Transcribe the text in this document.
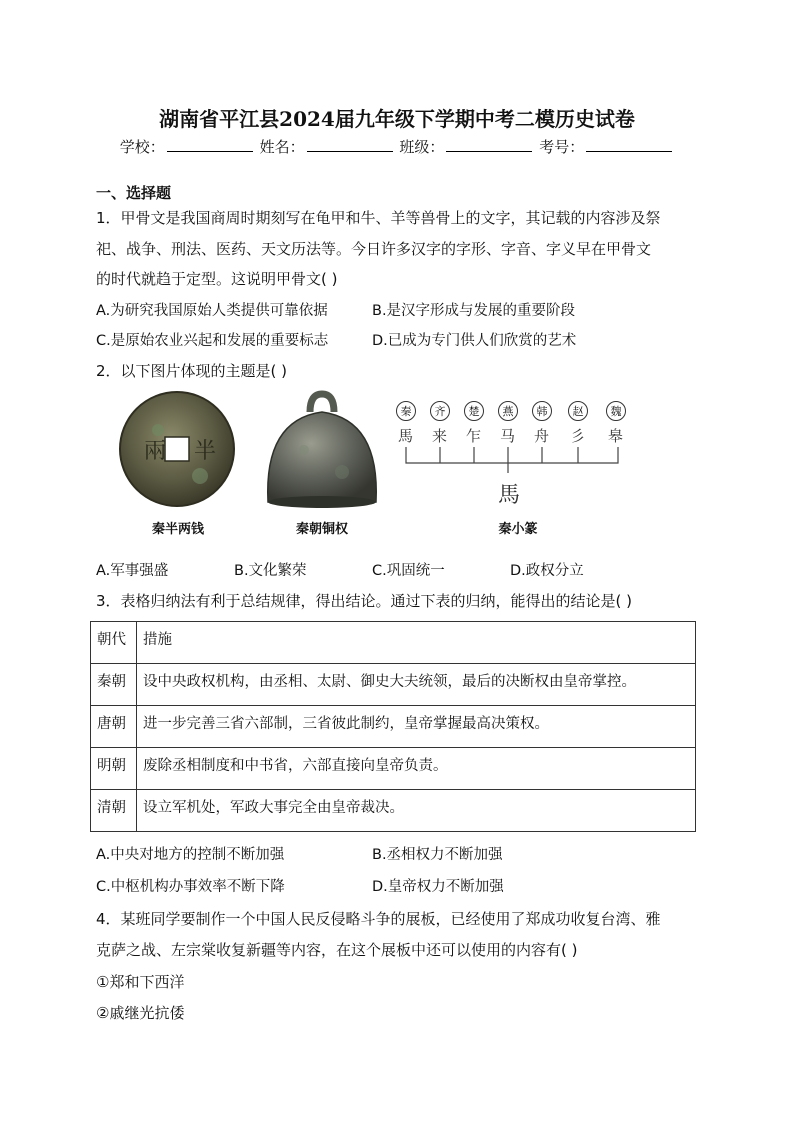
湖南省平江县2024届九年级下学期中考二模历史试卷
学校：	姓名：	班级：	考号：
一、选择题
1．甲骨文是我国商周时期刻写在龟甲和牛、羊等兽骨上的文字，其记载的内容涉及祭
祀、战争、刑法、医药、天文历法等。今日许多汉字的字形、字音、字义早在甲骨文
的时代就趋于定型。这说明甲骨文( )
A.为研究我国原始人类提供可靠依据	B.是汉字形成与发展的重要阶段
C.是原始农业兴起和发展的重要标志	D.已成为专门供人们欣赏的艺术
2．以下图片体现的主题是( )
兩 半
秦
馬
齐
来
楚
乍
燕
马
韩
舟
赵
彡
魏
皋
馬
秦半两钱	秦朝铜权	秦小篆
A.军事强盛	B.文化繁荣	C.巩固统一	D.政权分立
3．表格归纳法有利于总结规律，得出结论。通过下表的归纳，能得出的结论是( )
朝代	措施
秦朝	设中央政权机构，由丞相、太尉、御史大夫统领，最后的决断权由皇帝掌控。
唐朝	进一步完善三省六部制，三省彼此制约，皇帝掌握最高决策权。
明朝	废除丞相制度和中书省，六部直接向皇帝负责。
清朝	设立军机处，军政大事完全由皇帝裁决。
A.中央对地方的控制不断加强	B.丞相权力不断加强
C.中枢机构办事效率不断下降	D.皇帝权力不断加强
4．某班同学要制作一个中国人民反侵略斗争的展板，已经使用了郑成功收复台湾、雅
克萨之战、左宗棠收复新疆等内容，在这个展板中还可以使用的内容有( )
①郑和下西洋
②戚继光抗倭
